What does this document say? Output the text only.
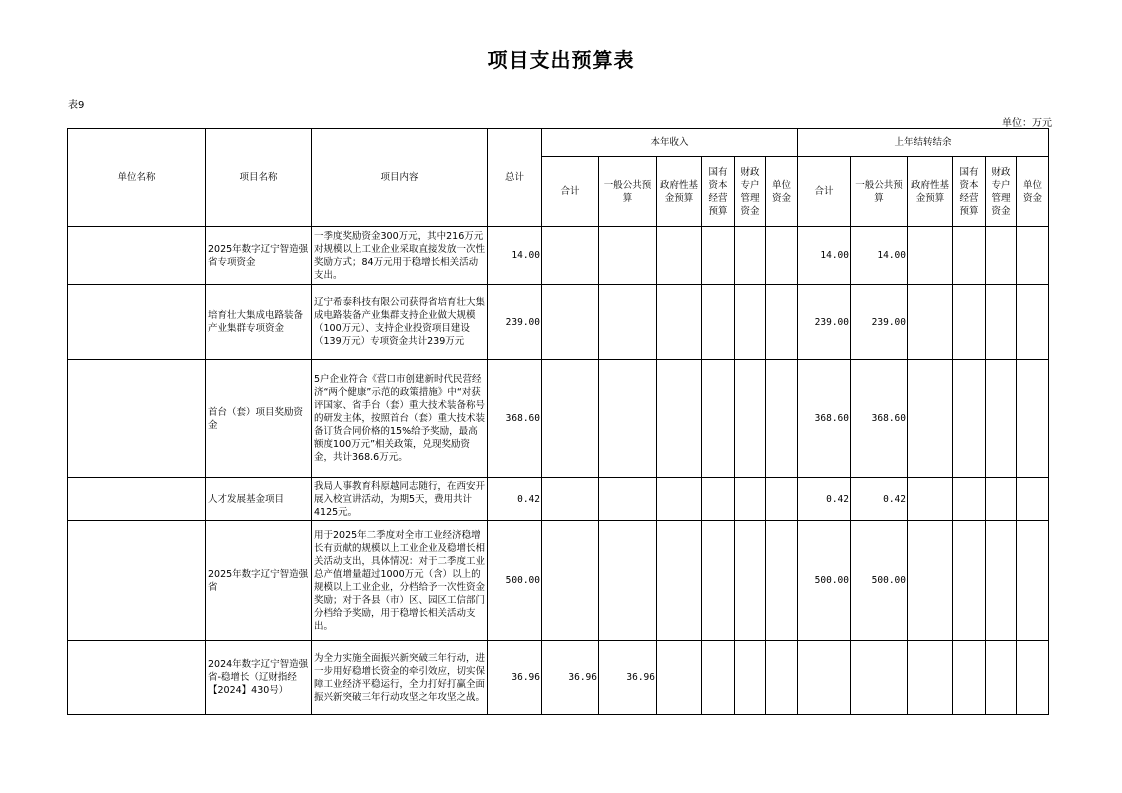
项目支出预算表
表9
单位：万元
单位名称	项目名称	项目内容	总计	本年收入						上年结转结余					
				合计	一般公共预算	政府性基金预算	国有资本经营预算	财政专户管理资金	单位资金	合计	一般公共预算	政府性基金预算	国有资本经营预算	财政专户管理资金	单位资金
	2025年数字辽宁智造强省专项资金	一季度奖励资金300万元，其中216万元对规模以上工业企业采取直接发放一次性奖励方式；84万元用于稳增长相关活动支出。	14.00							14.00	14.00				
	培育壮大集成电路装备产业集群专项资金	辽宁希泰科技有限公司获得省培育壮大集成电路装备产业集群支持企业做大规模（100万元）、支持企业投资项目建设（139万元）专项资金共计239万元	239.00							239.00	239.00				
	首台（套）项目奖励资金	5户企业符合《营口市创建新时代民营经济“两个健康”示范的政策措施》中“对获评国家、省手台（套）重大技术装备称号的研发主体，按照首台（套）重大技术装备订货合同价格的15%给予奖励，最高额度100万元”相关政策，兑现奖励资金，共计368.6万元。	368.60							368.60	368.60				
	人才发展基金项目	我局人事教育科原越同志随行，在西安开展入校宣讲活动，为期5天，费用共计4125元。	0.42							0.42	0.42				
	2025年数字辽宁智造强省	用于2025年二季度对全市工业经济稳增长有贡献的规模以上工业企业及稳增长相关活动支出，具体情况：对于二季度工业总产值增量超过1000万元（含）以上的规模以上工业企业，分档给予一次性资金奖励；对于各县（市）区、园区工信部门分档给予奖励，用于稳增长相关活动支出。	500.00							500.00	500.00				
	2024年数字辽宁智造强省-稳增长（辽财指经【2024】430号）	为全力实施全面振兴新突破三年行动，进一步用好稳增长资金的牵引效应，切实保障工业经济平稳运行，全力打好打赢全面振兴新突破三年行动攻坚之年攻坚之战。	36.96	36.96	36.96										
